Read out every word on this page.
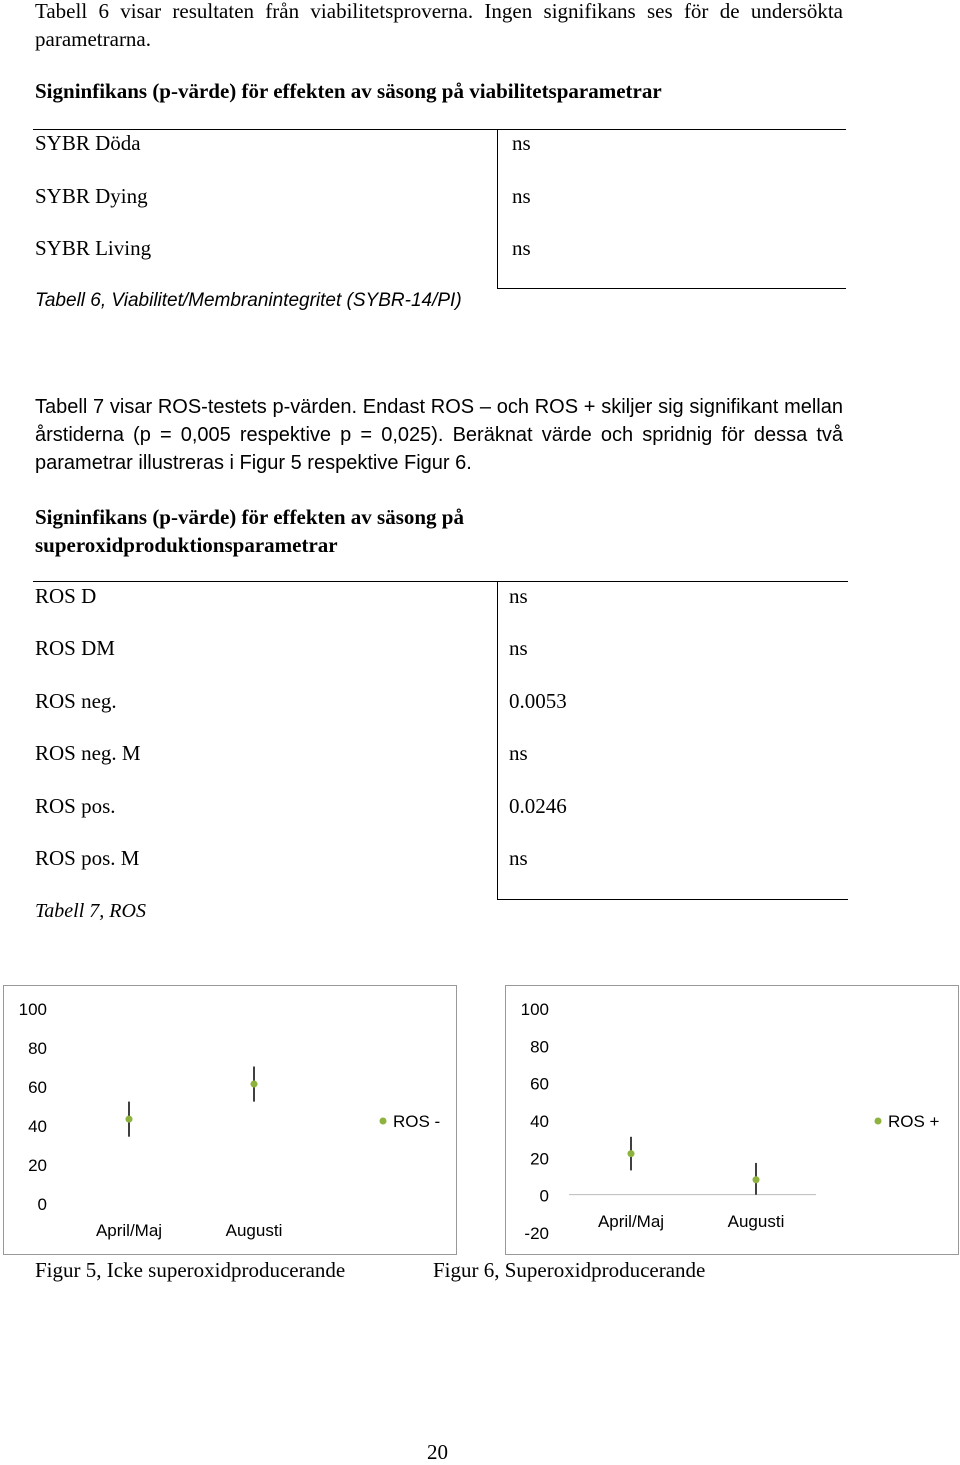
Tabell 6 visar resultaten från viabilitetsproverna. Ingen signifikans ses för de undersökta parametrarna.
Signinfikans (p-värde) för effekten av säsong på viabilitetsparametrar
SYBR Döda	ns
SYBR Dying	ns
SYBR Living	ns
Tabell 6, Viabilitet/Membranintegritet (SYBR-14/PI)
Tabell 7 visar ROS-testets p-värden. Endast ROS – och ROS + skiljer sig signifikant mellan årstiderna (p = 0,005 respektive p = 0,025). Beräknat värde och spridnig för dessa två parametrar illustreras i Figur 5 respektive Figur 6.
Signinfikans (p-värde) för effekten av säsong på
superoxidproduktionsparametrar
ROS D	ns
ROS DM	ns
ROS neg.	0.0053
ROS neg. M	ns
ROS pos.	0.0246
ROS pos. M	ns
Tabell 7, ROS
100
80
60
40
20
0
April/Maj	Augusti
ROS -
100
80
60
40
20
0
-20
April/Maj	Augusti
ROS +
Figur 5, Icke superoxidproducerande	Figur 6, Superoxidproducerande
20
